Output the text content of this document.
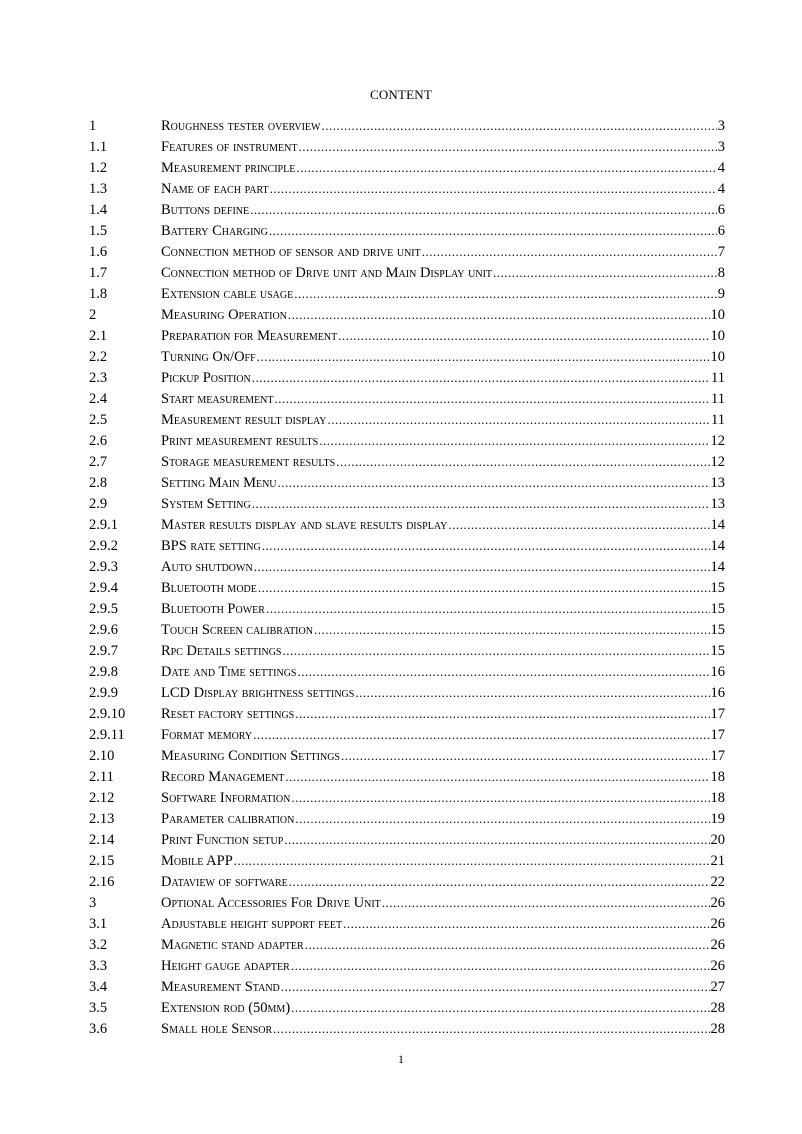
CONTENT
1	Roughness tester overview .....	3
1.1	Features of instrument .....	3
1.2	Measurement principle .....	4
1.3	Name of each part .....	4
1.4	Buttons define .....	6
1.5	Battery Charging .....	6
1.6	Connection method of sensor and drive unit .....	7
1.7	Connection method of Drive unit and Main Display unit .....	8
1.8	Extension cable usage .....	9
2	Measuring Operation .....	10
2.1	Preparation for Measurement .....	10
2.2	Turning On/Off .....	10
2.3	Pickup Position .....	11
2.4	Start measurement .....	11
2.5	Measurement result display .....	11
2.6	Print measurement results .....	12
2.7	Storage measurement results .....	12
2.8	Setting Main Menu .....	13
2.9	System Setting .....	13
2.9.1	Master results display and slave results display .....	14
2.9.2	BPS rate setting .....	14
2.9.3	Auto shutdown .....	14
2.9.4	Bluetooth mode .....	15
2.9.5	Bluetooth Power .....	15
2.9.6	Touch Screen calibration .....	15
2.9.7	Rpc Details settings .....	15
2.9.8	Date and Time settings .....	16
2.9.9	LCD Display brightness settings .....	16
2.9.10	Reset factory settings .....	17
2.9.11	Format memory .....	17
2.10	Measuring Condition Settings .....	17
2.11	Record Management .....	18
2.12	Software Information .....	18
2.13	Parameter calibration .....	19
2.14	Print Function setup .....	20
2.15	Mobile APP .....	21
2.16	Dataview of software .....	22
3	Optional Accessories For Drive Unit .....	26
3.1	Adjustable height support feet .....	26
3.2	Magnetic stand adapter .....	26
3.3	Height gauge adapter .....	26
3.4	Measurement Stand .....	27
3.5	Extension rod (50mm) .....	28
3.6	Small hole Sensor .....	28
1
